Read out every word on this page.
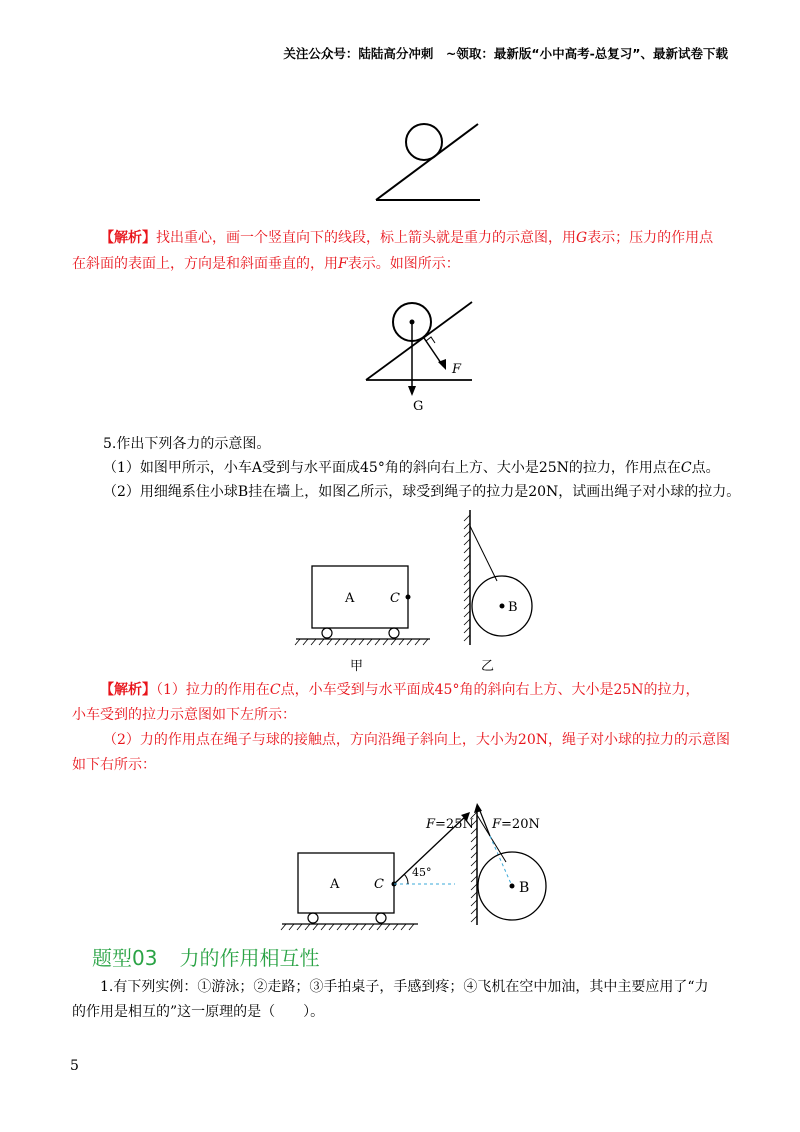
关注公众号：陆陆高分冲刺　~领取：最新版“小中高考-总复习”、最新试卷下载
F
G
A	C
甲
B
乙
A	C
45°
F=25N
B
F=20N
【解析】找出重心，画一个竖直向下的线段，标上箭头就是重力的示意图，用G表示；压力的作用点
在斜面的表面上，方向是和斜面垂直的，用F表示。如图所示：
5.作出下列各力的示意图。
（1）如图甲所示，小车A受到与水平面成45°角的斜向右上方、大小是25N的拉力，作用点在C点。
（2）用细绳系住小球B挂在墙上，如图乙所示，球受到绳子的拉力是20N，试画出绳子对小球的拉力。
【解析】（1）拉力的作用在C点，小车受到与水平面成45°角的斜向右上方、大小是25N的拉力，
小车受到的拉力示意图如下左所示：
（2）力的作用点在绳子与球的接触点，方向沿绳子斜向上，大小为20N，绳子对小球的拉力的示意图
如下右所示：
题型03 力的作用相互性
1.有下列实例：①游泳；②走路；③手拍桌子，手感到疼；④飞机在空中加油，其中主要应用了“力
的作用是相互的”这一原理的是（　　）。
5
